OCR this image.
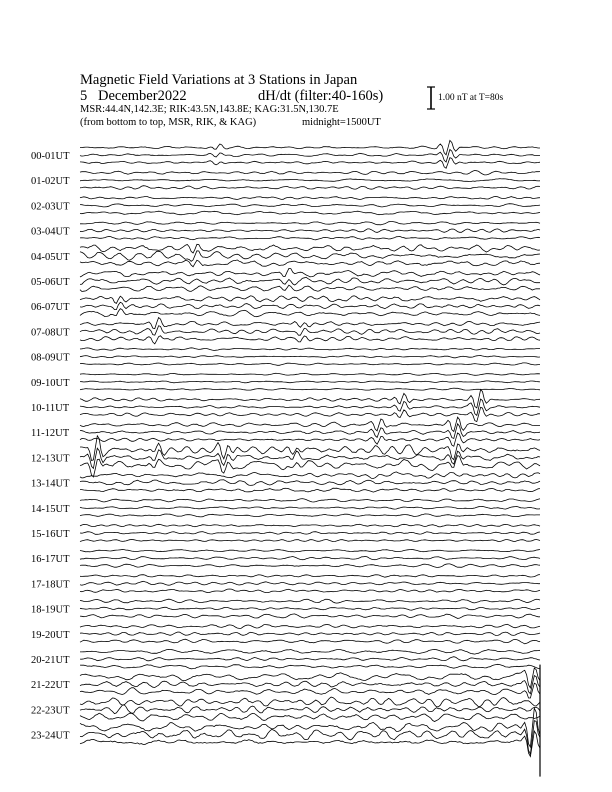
00-01UT
01-02UT
02-03UT
03-04UT
04-05UT
05-06UT
06-07UT
07-08UT
08-09UT
09-10UT
10-11UT
11-12UT
12-13UT
13-14UT
14-15UT
15-16UT
16-17UT
17-18UT
18-19UT
19-20UT
20-21UT
21-22UT
22-23UT
23-24UT
Magnetic Field Variations at 3 Stations in Japan
5 December2022	dH/dt (filter:40-160s)
MSR:44.4N,142.3E; RIK:43.5N,143.8E; KAG:31.5N,130.7E
(from bottom to top, MSR, RIK, & KAG)	midnight=1500UT
1.00 nT at T=80s
